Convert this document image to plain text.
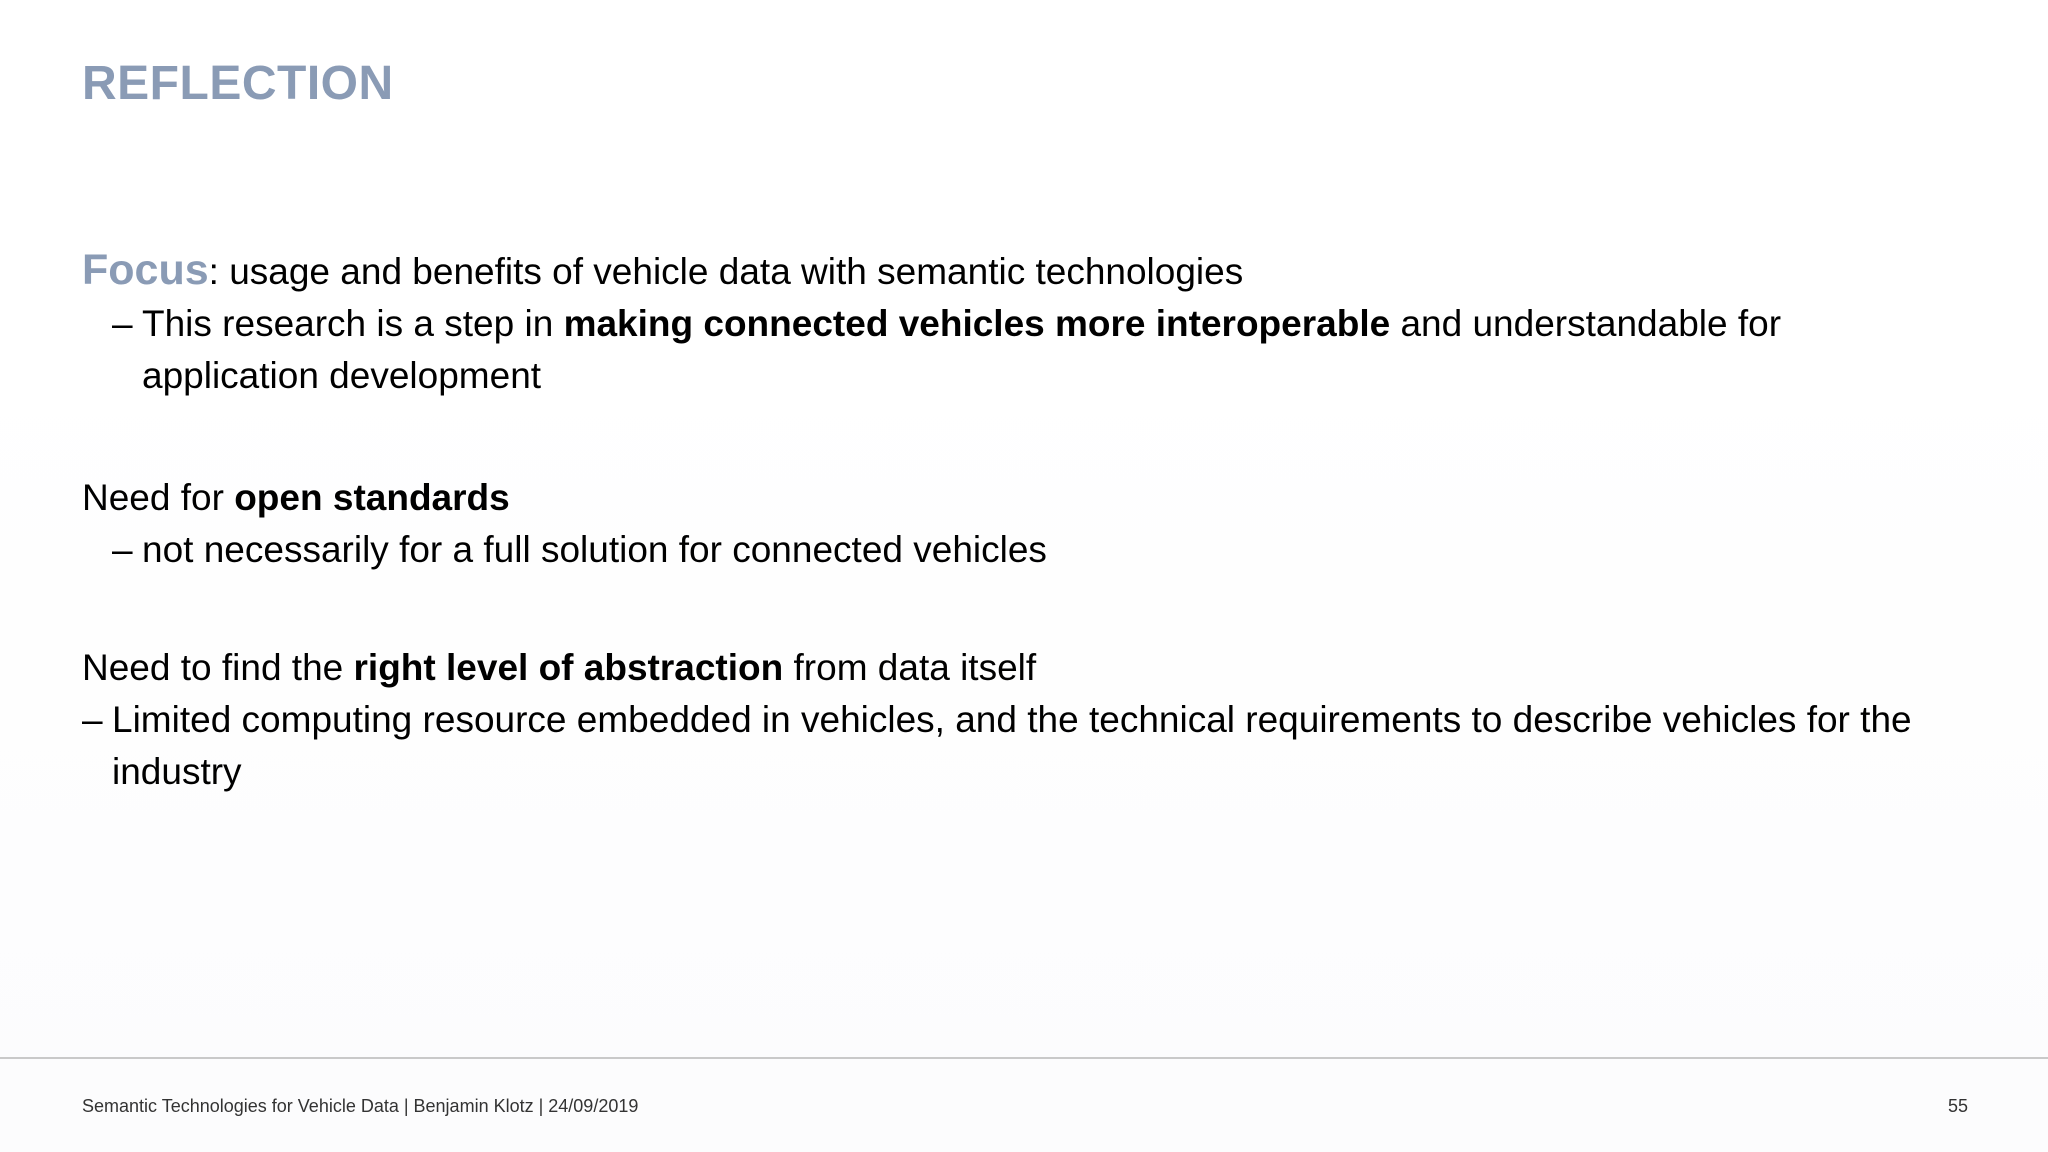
REFLECTION

Focus: usage and benefits of vehicle data with semantic technologies

– This research is a step in making connected vehicles more interoperable and understandable for application development

Need for open standards

– not necessarily for a full solution for connected vehicles

Need to find the right level of abstraction from data itself

– Limited computing resource embedded in vehicles, and the technical requirements to describe vehicles for the industry

Semantic Technologies for Vehicle Data | Benjamin Klotz | 24/09/2019	55
